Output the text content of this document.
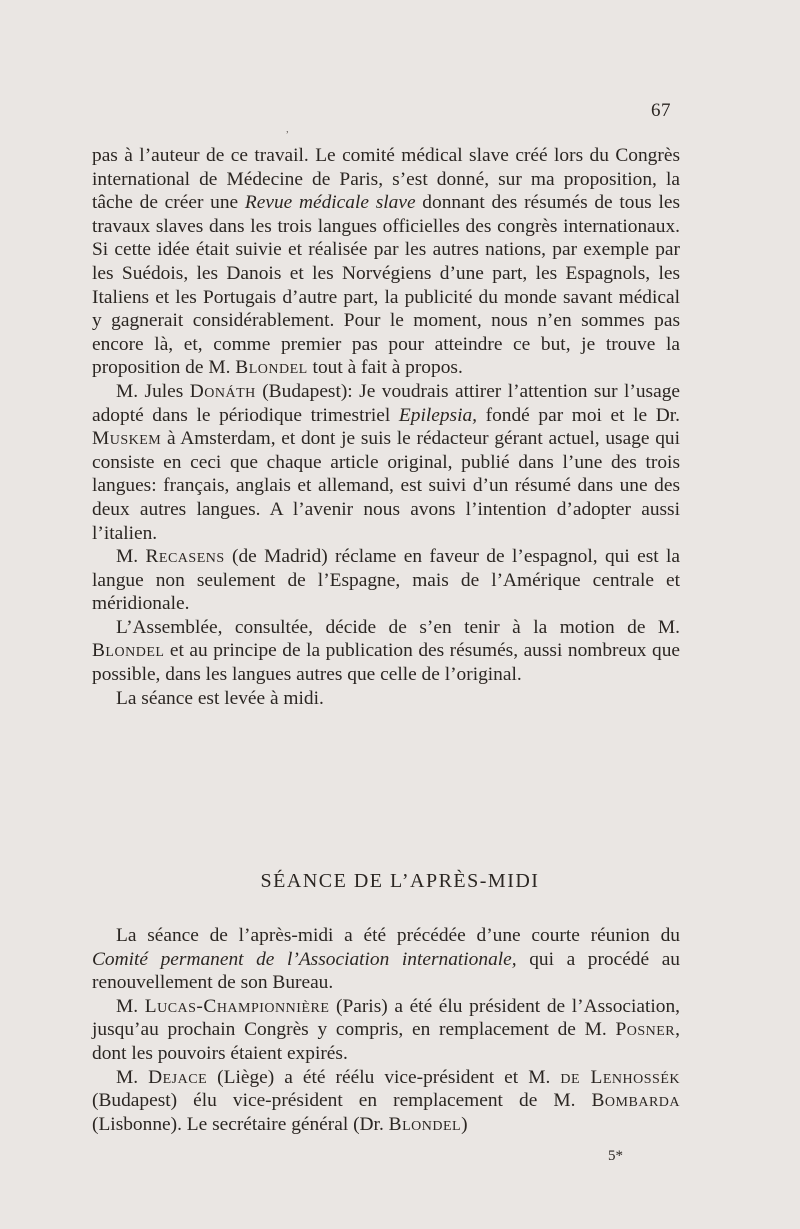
67
,

pas à l’auteur de ce travail. Le comité médical slave créé lors du Congrès international de Médecine de Paris, s’est donné, sur ma proposition, la tâche de créer une Revue médicale slave donnant des résumés de tous les travaux slaves dans les trois langues officielles des congrès internationaux. Si cette idée était suivie et réalisée par les autres nations, par exemple par les Suédois, les Danois et les Norvégiens d’une part, les Espagnols, les Italiens et les Portugais d’autre part, la publicité du monde savant médical y gagnerait considérablement. Pour le moment, nous n’en sommes pas encore là, et, comme premier pas pour atteindre ce but, je trouve la proposition de M. Blondel tout à fait à propos.

M. Jules Donáth (Budapest): Je voudrais attirer l’attention sur l’usage adopté dans le périodique trimestriel Epilepsia, fondé par moi et le Dr. Muskem à Amsterdam, et dont je suis le rédacteur gérant actuel, usage qui consiste en ceci que chaque article original, publié dans l’une des trois langues: français, anglais et allemand, est suivi d’un résumé dans une des deux autres langues. A l’avenir nous avons l’intention d’adopter aussi l’italien.

M. Recasens (de Madrid) réclame en faveur de l’espagnol, qui est la langue non seulement de l’Espagne, mais de l’Amérique centrale et méridionale.

L’Assemblée, consultée, décide de s’en tenir à la motion de M. Blondel et au principe de la publication des résumés, aussi nombreux que possible, dans les langues autres que celle de l’original.

La séance est levée à midi.

SÉANCE DE L’APRÈS-MIDI

La séance de l’après-midi a été précédée d’une courte réunion du Comité permanent de l’Association internationale, qui a procédé au renouvellement de son Bureau.

M. Lucas-Championnière (Paris) a été élu président de l’Association, jusqu’au prochain Congrès y compris, en remplacement de M. Posner, dont les pouvoirs étaient expirés.

M. Dejace (Liège) a été réélu vice-président et M. de Lenhossék (Budapest) élu vice-président en remplacement de M. Bombarda (Lisbonne). Le secrétaire général (Dr. Blondel)

5*
